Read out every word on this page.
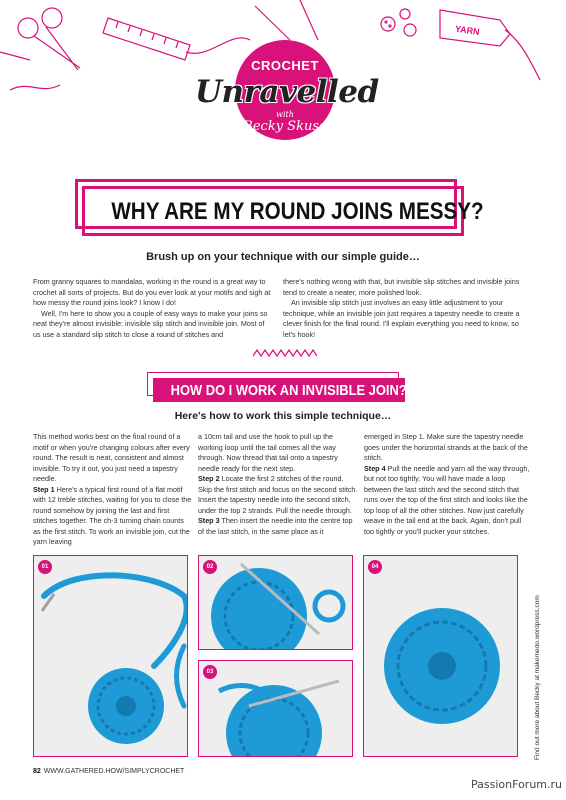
YARN
CROCHET
Unravelled
with
Becky Skuse
WHY ARE MY ROUND JOINS MESSY?
Brush up on your technique with our simple guide…

From granny squares to mandalas, working in the round is a great way to crochet all sorts of projects. But do you ever look at your motifs and sigh at how messy the round joins look? I know I do!

Well, I'm here to show you a couple of easy ways to make your joins so neat they're almost invisible: invisible slip stitch and invisible join. Most of us use a standard slip stitch to close a round of stitches and

there's nothing wrong with that, but invisible slip stitches and invisible joins tend to create a neater, more polished look.

An invisible slip stitch just involves an easy little adjustment to your technique, while an invisible join just requires a tapestry needle to create a clever finish for the final round. I'll explain everything you need to know, so let's hook!

HOW DO I WORK AN INVISIBLE JOIN?
Here's how to work this simple technique…

This method works best on the final round of a motif or when you're changing colours after every round. The result is neat, consistent and almost invisible. To try it out, you just need a tapestry needle.
Step 1 Here's a typical first round of a flat motif with 12 treble stitches, waiting for you to close the round somehow by joining the last and first stitches together. The ch-3 turning chain counts as the first stitch. To work an invisible join, cut the yarn leaving

a 10cm tail and use the hook to pull up the working loop until the tail comes all the way through. Now thread that tail onto a tapestry needle ready for the next step.
Step 2 Locate the first 2 stitches of the round. Skip the first stitch and focus on the second stitch. Insert the tapestry needle into the second stitch, under the top 2 strands. Pull the needle through.
Step 3 Then insert the needle into the centre top of the last stitch, in the same place as it

emerged in Step 1. Make sure the tapestry needle goes under the horizontal strands at the back of the stitch.
Step 4 Pull the needle and yarn all the way through, but not too tightly. You will have made a loop between the last stitch and the second stitch that runs over the top of the first stitch and looks like the top loop of all the other stitches. Now just carefully weave in the tail end at the back. Again, don't pull too tightly or you'll pucker your stitches.

01	02
03
04
Find out more about Becky at makemedo.wordpress.com
82 WWW.GATHERED.HOW/SIMPLYCROCHET
PassionForum.ru
